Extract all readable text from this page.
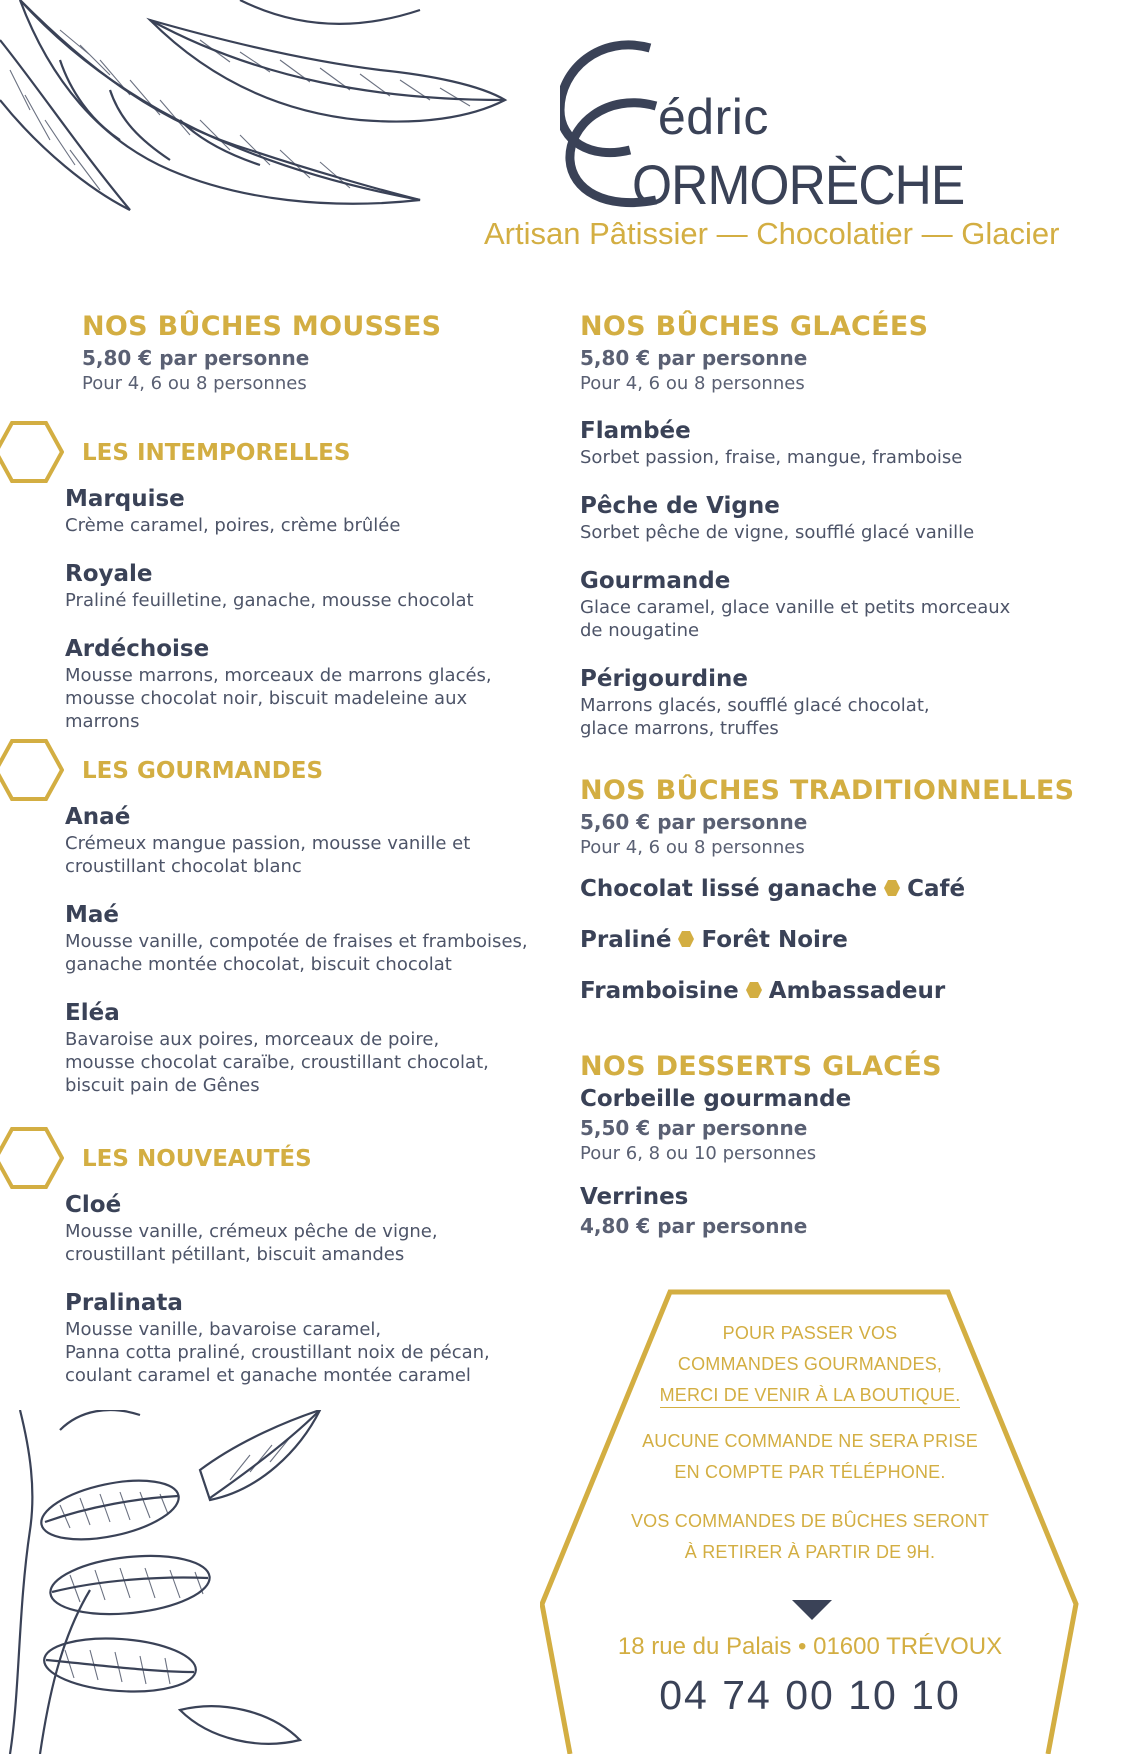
édric
ORMORÈCHE
Artisan Pâtissier — Chocolatier — Glacier
NOS BÛCHES MOUSSES
5,80 € par personne
Pour 4, 6 ou 8 personnes
LES INTEMPORELLES
Marquise
Crème caramel, poires, crème brûlée
Royale
Praliné feuilletine, ganache, mousse chocolat
Ardéchoise
Mousse marrons, morceaux de marrons glacés,
mousse chocolat noir, biscuit madeleine aux marrons
LES GOURMANDES
Anaé
Crémeux mangue passion, mousse vanille et
croustillant chocolat blanc
Maé
Mousse vanille, compotée de fraises et framboises,
ganache montée chocolat, biscuit chocolat
Eléa
Bavaroise aux poires, morceaux de poire,
mousse chocolat caraïbe, croustillant chocolat,
biscuit pain de Gênes
LES NOUVEAUTÉS
Cloé
Mousse vanille, crémeux pêche de vigne,
croustillant pétillant, biscuit amandes
Pralinata
Mousse vanille, bavaroise caramel,
Panna cotta praliné, croustillant noix de pécan,
coulant caramel et ganache montée caramel
NOS BÛCHES GLACÉES
5,80 € par personne
Pour 4, 6 ou 8 personnes
Flambée
Sorbet passion, fraise, mangue, framboise
Pêche de Vigne
Sorbet pêche de vigne, soufflé glacé vanille
Gourmande
Glace caramel, glace vanille et petits morceaux
de nougatine
Périgourdine
Marrons glacés, soufflé glacé chocolat,
glace marrons, truffes
NOS BÛCHES TRADITIONNELLES
5,60 € par personne
Pour 4, 6 ou 8 personnes
Chocolat lissé ganache Café
Praliné Forêt Noire
Framboisine Ambassadeur
NOS DESSERTS GLACÉS
Corbeille gourmande
5,50 € par personne
Pour 6, 8 ou 10 personnes
Verrines
4,80 € par personne
POUR PASSER VOS
COMMANDES GOURMANDES,
MERCI DE VENIR À LA BOUTIQUE.
AUCUNE COMMANDE NE SERA PRISE
EN COMPTE PAR TÉLÉPHONE.
VOS COMMANDES DE BÛCHES SERONT
À RETIRER À PARTIR DE 9H.
18 rue du Palais • 01600 TRÉVOUX
04 74 00 10 10
